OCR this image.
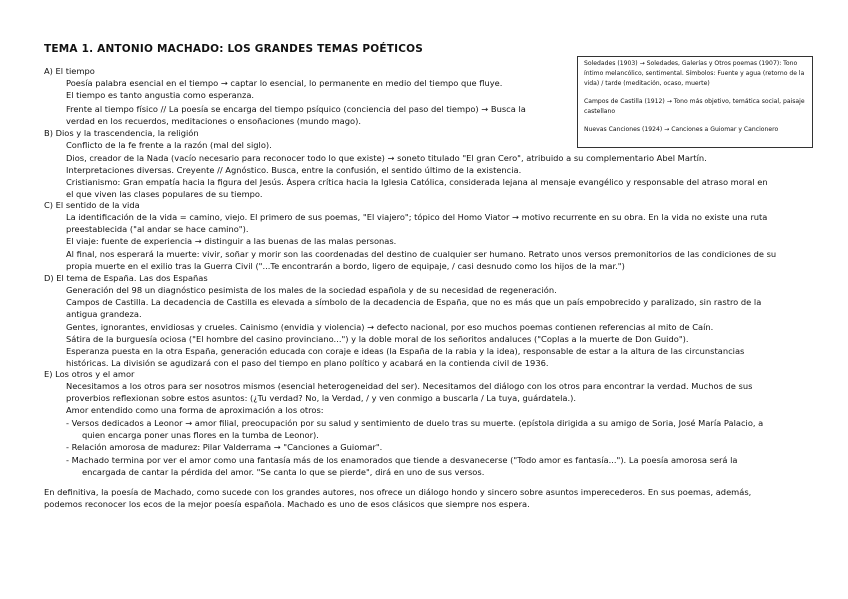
TEMA 1. ANTONIO MACHADO: LOS GRANDES TEMAS POÉTICOS

Soledades (1903) → Soledades, Galerías y Otros poemas (1907): Tono íntimo melancólico, sentimental. Símbolos: Fuente y agua (retorno de la vida) / tarde (meditación, ocaso, muerte)

Campos de Castilla (1912) → Tono más objetivo, temática social, paisaje castellano

Nuevas Canciones (1924) → Canciones a Guiomar y Cancionero

A) El tiempo
Poesía palabra esencial en el tiempo → captar lo esencial, lo permanente en medio del tiempo que fluye.
El tiempo es tanto angustia como esperanza.
Frente al tiempo físico // La poesía se encarga del tiempo psíquico (conciencia del paso del tiempo) → Busca la
verdad en los recuerdos, meditaciones o ensoñaciones (mundo mago).
B) Dios y la trascendencia, la religión
Conflicto de la fe frente a la razón (mal del siglo).
Dios, creador de la Nada (vacío necesario para reconocer todo lo que existe) → soneto titulado "El gran Cero", atribuido a su complementario Abel Martín.
Interpretaciones diversas. Creyente // Agnóstico. Busca, entre la confusión, el sentido último de la existencia.
Cristianismo: Gran empatía hacia la figura del Jesús. Áspera crítica hacia la Iglesia Católica, considerada lejana al mensaje evangélico y responsable del atraso moral en
el que viven las clases populares de su tiempo.
C) El sentido de la vida
La identificación de la vida = camino, viejo. El primero de sus poemas, "El viajero"; tópico del Homo Viator → motivo recurrente en su obra. En la vida no existe una ruta
preestablecida ("al andar se hace camino").
El viaje: fuente de experiencia → distinguir a las buenas de las malas personas.
Al final, nos esperará la muerte: vivir, soñar y morir son las coordenadas del destino de cualquier ser humano. Retrato unos versos premonitorios de las condiciones de su
propia muerte en el exilio tras la Guerra Civil ("...Te encontrarán a bordo, ligero de equipaje, / casi desnudo como los hijos de la mar.")
D) El tema de España. Las dos Españas
Generación del 98 un diagnóstico pesimista de los males de la sociedad española y de su necesidad de regeneración.
Campos de Castilla. La decadencia de Castilla es elevada a símbolo de la decadencia de España, que no es más que un país empobrecido y paralizado, sin rastro de la
antigua grandeza.
Gentes, ignorantes, envidiosas y crueles. Cainismo (envidia y violencia) → defecto nacional, por eso muchos poemas contienen referencias al mito de Caín.
Sátira de la burguesía ociosa ("El hombre del casino provinciano...") y la doble moral de los señoritos andaluces ("Coplas a la muerte de Don Guido").
Esperanza puesta en la otra España, generación educada con coraje e ideas (la España de la rabia y la idea), responsable de estar a la altura de las circunstancias
históricas. La división se agudizará con el paso del tiempo en plano político y acabará en la contienda civil de 1936.
E) Los otros y el amor
Necesitamos a los otros para ser nosotros mismos (esencial heterogeneidad del ser). Necesitamos del diálogo con los otros para encontrar la verdad. Muchos de sus
proverbios reflexionan sobre estos asuntos: (¿Tu verdad? No, la Verdad, / y ven conmigo a buscarla / La tuya, guárdatela.).
Amor entendido como una forma de aproximación a los otros:
- Versos dedicados a Leonor → amor filial, preocupación por su salud y sentimiento de duelo tras su muerte. (epístola dirigida a su amigo de Soria, José María Palacio, a
quien encarga poner unas flores en la tumba de Leonor).
- Relación amorosa de madurez: Pilar Valderrama → "Canciones a Guiomar".
- Machado termina por ver el amor como una fantasía más de los enamorados que tiende a desvanecerse ("Todo amor es fantasía..."). La poesía amorosa será la
encargada de cantar la pérdida del amor. "Se canta lo que se pierde", dirá en uno de sus versos.
En definitiva, la poesía de Machado, como sucede con los grandes autores, nos ofrece un diálogo hondo y sincero sobre asuntos imperecederos. En sus poemas, además,
podemos reconocer los ecos de la mejor poesía española. Machado es uno de esos clásicos que siempre nos espera.
